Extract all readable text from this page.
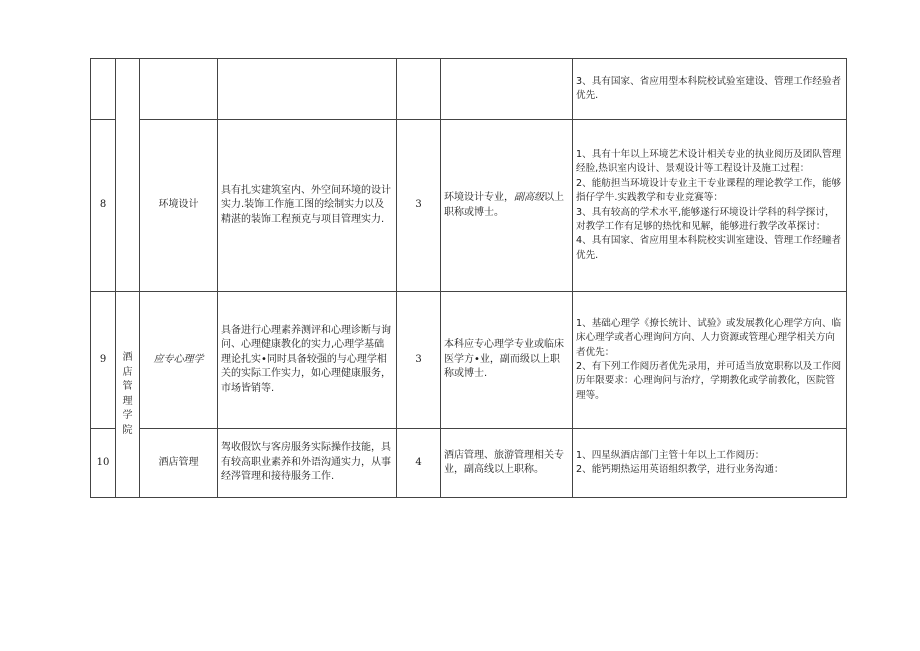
						3、具有国家、省应用型本科院校试验室建设、管理工作经验者优先.

8		环境设计	具有扎实建筑室内、外空间环境的设计实力.装饰工作施工图的绘制实力以及精湛的装饰工程预克与项目管理实力.	3	环境设计专业，副高级以上职称或博士。	1、具有十年以上环境艺术设计相关专业的执业阅历及团队管理经脸,热识室内设计、景观设计等工程设计及施工过程：

2、能舫担当环境设计专业主干专业课程的理论教学工作，能够指仔学牛.实践教学和专业竞赛等：

3、具有较高的学术水平,能够遂行环境设计学科的科学探讨，对教学工作有足够的热忱和见解，能够进行教学改革探讨：

4、具有国家、省应用里本科院校实训室建设、管理工作经瞳者优先.

9	酒店管理学院	应专心理学	具备进行心理素养测评和心理诊断与询问、心理健康教化的实力,心理学基础理论扎实•同时具备较强的与心理学相关的实际工作实力，如心理健康服务，市场皆销等.	3	本科应专心理学专业或临床医学方•业，副而级以上职称或博士.	1、基础心理学《撩长统计、试验》或发展教化心理学方向、临床心理学或者心理询问方向、人力资源或管理心理学相关方向者优先：

2、有下列工作阅历者优先录用，并可适当放宽职称以及工作阅历年限要求：心理询问与治疗，学期教化或学前教化，医院管理等。

10		酒店管理	驾收假饮与客房服务实际操作技能，具有较高职业素养和外语沟通实力，从事经涔管理和接待服务工作.	4	酒店管理、旅游管理相关专业，副高线以上职称。	1、四星纵酒店部门主管十年以上工作阅历：

2、能钙期热运用英语组织教学，进行业务沟通：
